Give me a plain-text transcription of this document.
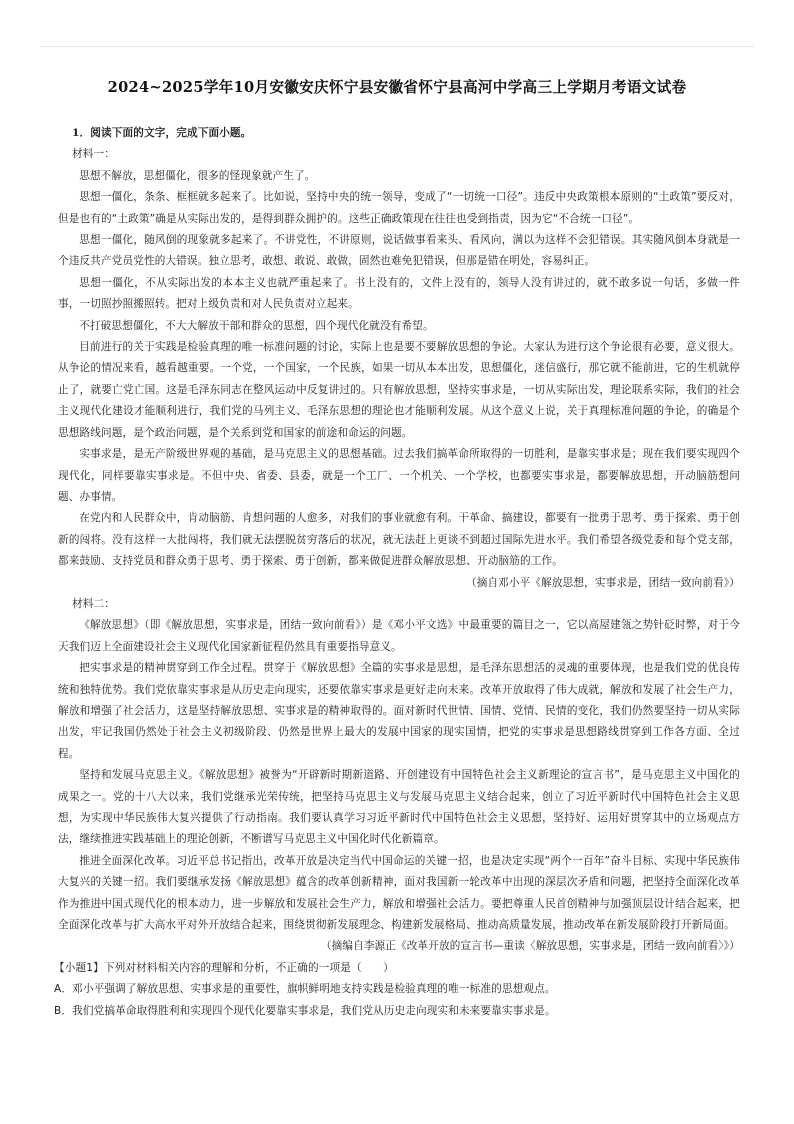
2024~2025学年10月安徽安庆怀宁县安徽省怀宁县高河中学高三上学期月考语文试卷

1．阅读下面的文字，完成下面小题。

材料一：

思想不解放，思想僵化，很多的怪现象就产生了。

思想一僵化，条条、框框就多起来了。比如说，坚持中央的统一领导，变成了“一切统一口径”。违反中央政策根本原则的“土政策”要反对，但是也有的“土政策”确是从实际出发的，是得到群众拥护的。这些正确政策现在往往也受到指责，因为它“不合统一口径”。

思想一僵化，随风倒的现象就多起来了。不讲党性，不讲原则，说话做事看来头、看风向，满以为这样不会犯错误。其实随风倒本身就是一个违反共产党员党性的大错误。独立思考，敢想、敢说、敢做，固然也难免犯错误，但那是错在明处，容易纠正。

思想一僵化，不从实际出发的本本主义也就严重起来了。书上没有的，文件上没有的，领导人没有讲过的，就不敢多说一句话，多做一件事，一切照抄照搬照转。把对上级负责和对人民负责对立起来。

不打破思想僵化，不大大解放干部和群众的思想，四个现代化就没有希望。

目前进行的关于实践是检验真理的唯一标准问题的讨论，实际上也是要不要解放思想的争论。大家认为进行这个争论很有必要，意义很大。从争论的情况来看，越看越重要。一个党，一个国家，一个民族，如果一切从本本出发，思想僵化，迷信盛行，那它就不能前进，它的生机就停止了，就要亡党亡国。这是毛泽东同志在整风运动中反复讲过的。只有解放思想，坚持实事求是，一切从实际出发，理论联系实际，我们的社会主义现代化建设才能顺利进行，我们党的马列主义、毛泽东思想的理论也才能顺利发展。从这个意义上说，关于真理标准问题的争论，的确是个思想路线问题，是个政治问题，是个关系到党和国家的前途和命运的问题。

实事求是，是无产阶级世界观的基础，是马克思主义的思想基础。过去我们搞革命所取得的一切胜利，是靠实事求是；现在我们要实现四个现代化，同样要靠实事求是。不但中央、省委、县委，就是一个工厂、一个机关、一个学校，也都要实事求是，都要解放思想，开动脑筋想问题、办事情。

在党内和人民群众中，肯动脑筋、肯想问题的人愈多，对我们的事业就愈有利。干革命、搞建设，都要有一批勇于思考、勇于探索、勇于创新的闯将。没有这样一大批闯将，我们就无法摆脱贫穷落后的状况，就无法赶上更谈不到超过国际先进水平。我们希望各级党委和每个党支部，都来鼓励、支持党员和群众勇于思考、勇于探索、勇于创新，都来做促进群众解放思想、开动脑筋的工作。

（摘自邓小平《解放思想，实事求是，团结一致向前看》）

材料二：

《解放思想》（即《解放思想，实事求是，团结一致向前看》）是《邓小平文选》中最重要的篇目之一，它以高屋建瓴之势针砭时弊，对于今天我们迈上全面建设社会主义现代化国家新征程仍然具有重要指导意义。

把实事求是的精神贯穿到工作全过程。贯穿于《解放思想》全篇的实事求是思想，是毛泽东思想活的灵魂的重要体现，也是我们党的优良传统和独特优势。我们党依靠实事求是从历史走向现实，还要依靠实事求是更好走向未来。改革开放取得了伟大成就，解放和发展了社会生产力，解放和增强了社会活力，这是坚持解放思想、实事求是的精神取得的。面对新时代世情、国情、党情、民情的变化，我们仍然要坚持一切从实际出发，牢记我国仍然处于社会主义初级阶段、仍然是世界上最大的发展中国家的现实国情，把党的实事求是思想路线贯穿到工作各方面、全过程。

坚持和发展马克思主义。《解放思想》被誉为“开辟新时期新道路、开创建设有中国特色社会主义新理论的宣言书”，是马克思主义中国化的成果之一。党的十八大以来，我们党继承光荣传统，把坚持马克思主义与发展马克思主义结合起来，创立了习近平新时代中国特色社会主义思想，为实现中华民族伟大复兴提供了行动指南。我们要认真学习习近平新时代中国特色社会主义思想，坚持好、运用好贯穿其中的立场观点方法，继续推进实践基础上的理论创新，不断谱写马克思主义中国化时代化新篇章。

推进全面深化改革。习近平总书记指出，改革开放是决定当代中国命运的关键一招，也是决定实现“两个一百年”奋斗目标、实现中华民族伟大复兴的关键一招。我们要继承发扬《解放思想》蕴含的改革创新精神，面对我国新一轮改革中出现的深层次矛盾和问题，把坚持全面深化改革作为推进中国式现代化的根本动力，进一步解放和发展社会生产力，解放和增强社会活力。要把尊重人民首创精神与加强顶层设计结合起来，把全面深化改革与扩大高水平对外开放结合起来，围绕贯彻新发展理念、构建新发展格局、推动高质量发展，推动改革在新发展阶段打开新局面。

（摘编自李源正《改革开放的宣言书—重读〈解放思想，实事求是，团结一致向前看〉》）

【小题1】下列对材料相关内容的理解和分析，不正确的一项是（　　）

A．邓小平强调了解放思想、实事求是的重要性，旗帜鲜明地支持实践是检验真理的唯一标准的思想观点。

B．我们党搞革命取得胜利和实现四个现代化要靠实事求是，我们党从历史走向现实和未来要靠实事求是。
